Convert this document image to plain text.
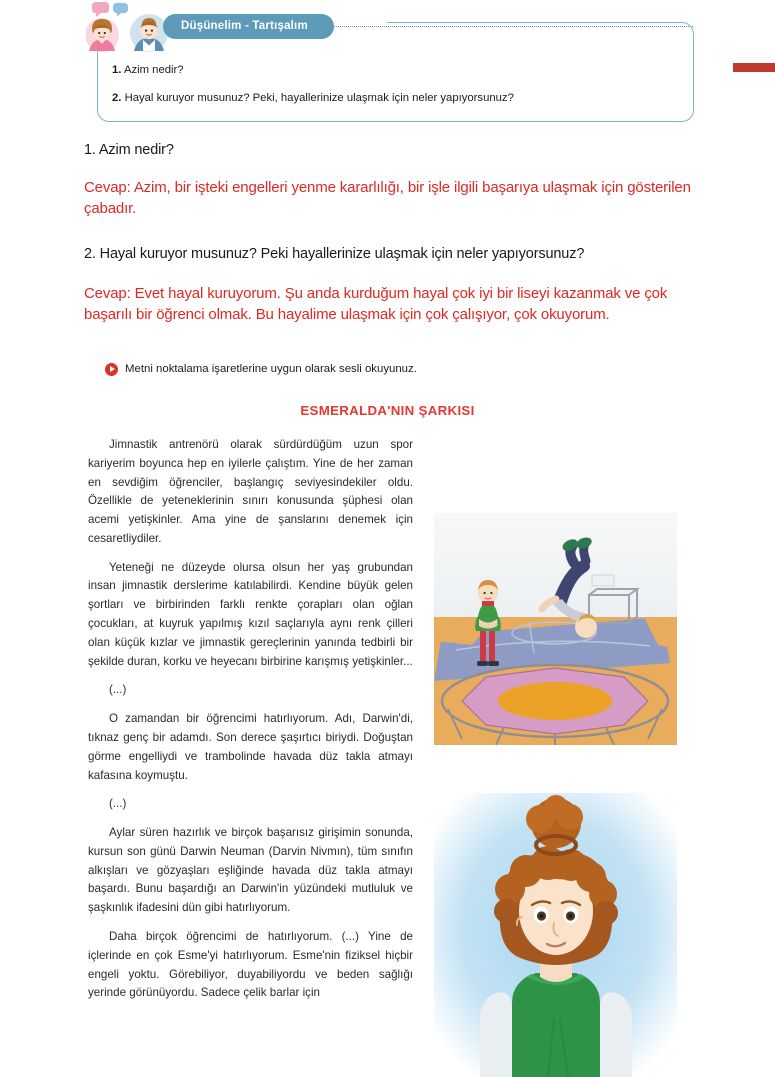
Düşünelim - Tartışalım
1. Azim nedir?
2. Hayal kuruyor musunuz? Peki, hayallerinize ulaşmak için neler yapıyorsunuz?
1. Azim nedir?
Cevap: Azim, bir işteki engelleri yenme kararlılığı, bir işle ilgili başarıya ulaşmak için gösterilen çabadır.
2. Hayal kuruyor musunuz? Peki hayallerinize ulaşmak için neler yapıyorsunuz?
Cevap: Evet hayal kuruyorum. Şu anda kurduğum hayal çok iyi bir liseyi kazanmak ve çok başarılı bir öğrenci olmak. Bu hayalime ulaşmak için çok çalışıyor, çok okuyorum.
Metni noktalama işaretlerine uygun olarak sesli okuyunuz.
ESMERALDA'NIN ŞARKISI

Jimnastik antrenörü olarak sürdürdüğüm uzun spor kariyerim boyunca hep en iyilerle çalıştım. Yine de her zaman en sevdiğim öğrenciler, başlangıç seviyesindekiler oldu. Özellikle de yeteneklerinin sınırı konusunda şüphesi olan acemi yetişkinler. Ama yine de şanslarını denemek için cesaretliydiler.

Yeteneği ne düzeyde olursa olsun her yaş grubundan insan jimnastik derslerime katılabilirdi. Kendine büyük gelen şortları ve birbirinden farklı renkte çorapları olan oğlan çocukları, at kuyruk yapılmış kızıl saçlarıyla aynı renk çilleri olan küçük kızlar ve jimnastik gereçlerinin yanında tedbirli bir şekilde duran, korku ve heyecanı birbirine karışmış yetişkinler...

(...)

O zamandan bir öğrencimi hatırlıyorum. Adı, Darwin'di, tıknaz genç bir adamdı. Son derece şaşırtıcı biriydi. Doğuştan görme engelliydi ve trambolinde havada düz takla atmayı kafasına koymuştu.

(...)

Aylar süren hazırlık ve birçok başarısız girişimin sonunda, kursun son günü Darwin Neuman (Darvin Nivmın), tüm sınıfın alkışları ve gözyaşları eşliğinde havada düz takla atmayı başardı. Bunu başardığı an Darwin'in yüzündeki mutluluk ve şaşkınlık ifadesini dün gibi hatırlıyorum.

Daha birçok öğrencimi de hatırlıyorum. (...) Yine de içlerinde en çok Esme'yi hatırlıyorum. Esme'nin fiziksel hiçbir engeli yoktu. Görebiliyor, duyabiliyordu ve beden sağlığı yerinde görünüyordu. Sadece çelik barlar için
